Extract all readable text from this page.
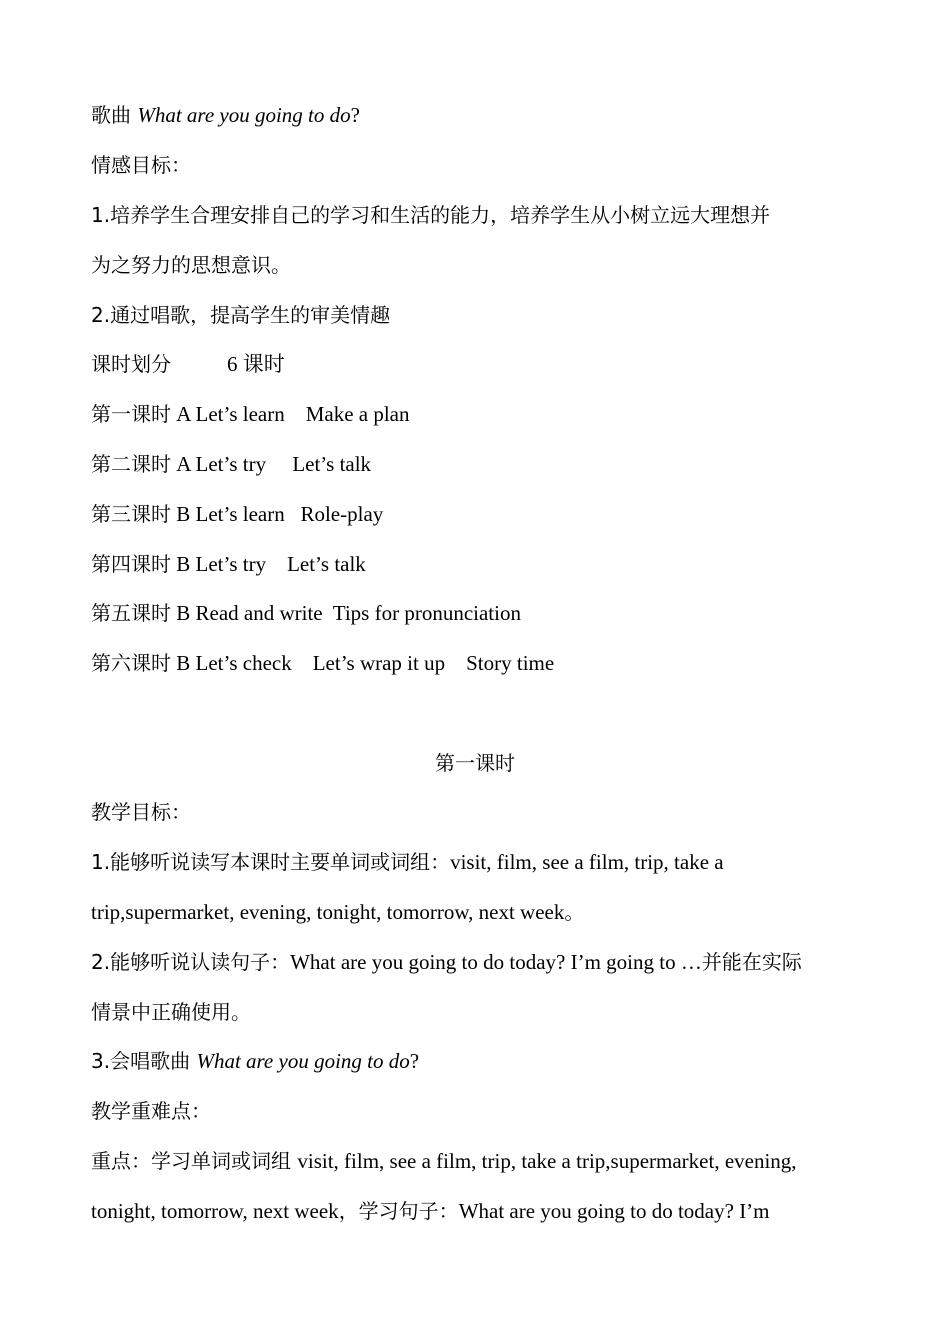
歌曲 What are you going to do?

情感目标：

1.培养学生合理安排自己的学习和生活的能力，培养学生从小树立远大理想并

为之努力的思想意识。

2.通过唱歌，提高学生的审美情趣

课时划分	6 课时

第一课时 A Let’s learn    Make a plan

第二课时 A Let’s try     Let’s talk

第三课时 B Let’s learn   Role-play

第四课时 B Let’s try    Let’s talk

第五课时 B Read and write  Tips for pronunciation

第六课时 B Let’s check    Let’s wrap it up    Story time

第一课时

教学目标：

1.能够听说读写本课时主要单词或词组：visit, film, see a film, trip, take a

trip,supermarket, evening, tonight, tomorrow, next week。

2.能够听说认读句子：What are you going to do today? I’m going to …并能在实际

情景中正确使用。

3.会唱歌曲 What are you going to do?

教学重难点：

重点：学习单词或词组 visit, film, see a film, trip, take a trip,supermarket, evening,

tonight, tomorrow, next week，学习句子：What are you going to do today? I’m
